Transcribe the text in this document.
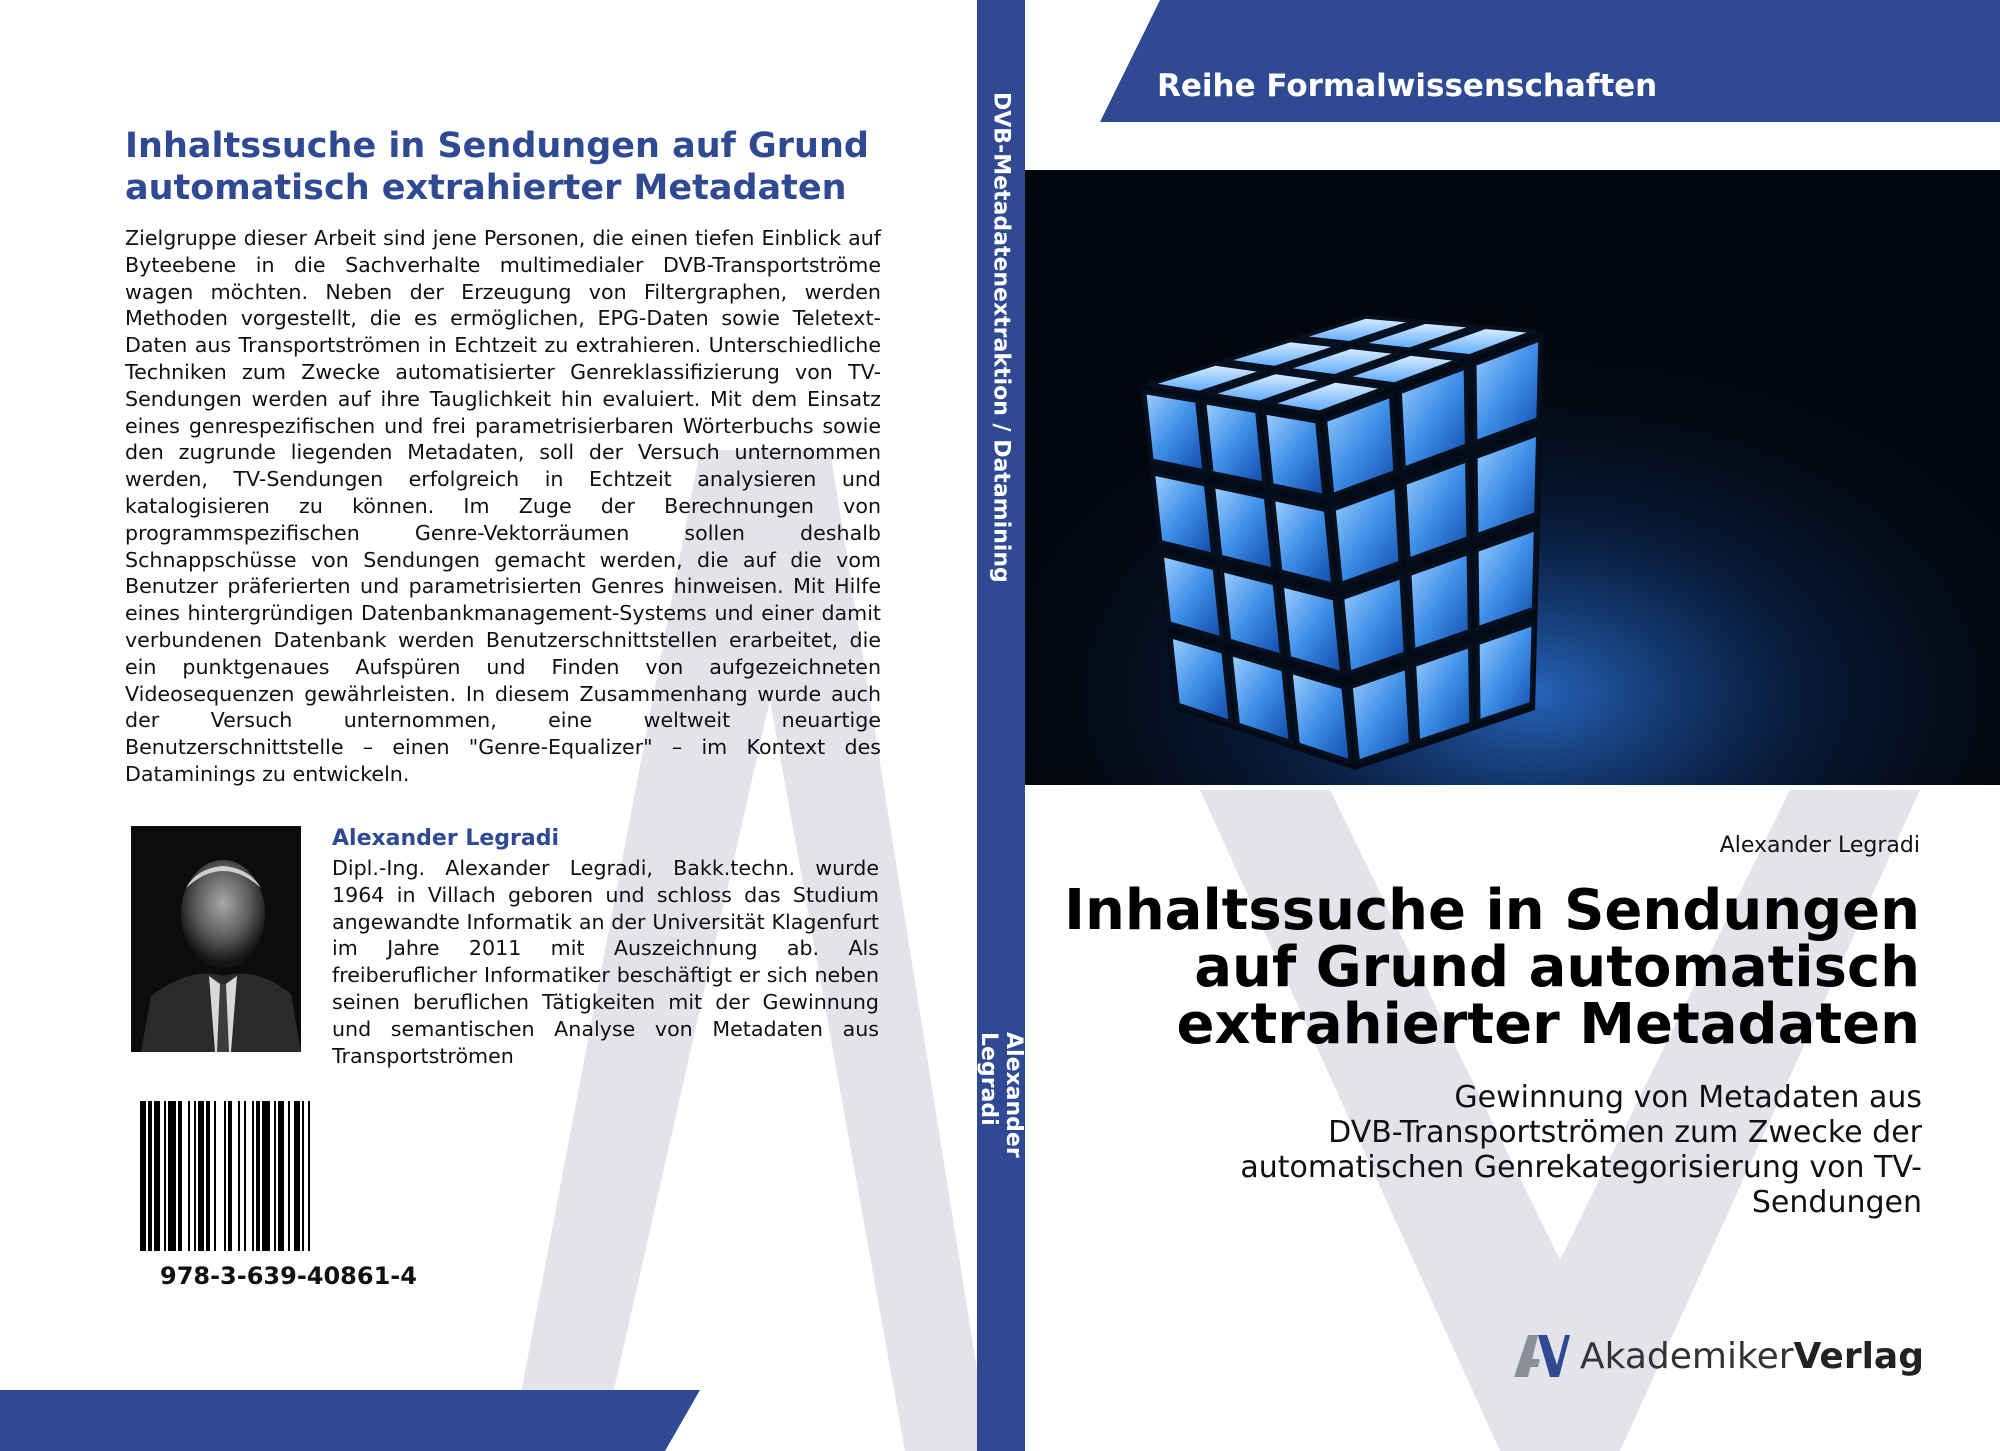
Inhaltssuche in Sendungen auf Grund automatisch extrahierter Metadaten

Zielgruppe dieser Arbeit sind jene Personen, die einen tiefen Einblick auf Byteebene in die Sachverhalte multimedialer DVB-Transportströme wagen möchten. Neben der Erzeugung von Filtergraphen, werden Methoden vorgestellt, die es ermöglichen, EPG-Daten sowie Teletext-Daten aus Transportströmen in Echtzeit zu extrahieren. Unterschiedliche Techniken zum Zwecke automatisierter Genreklassifizierung von TV-Sendungen werden auf ihre Tauglichkeit hin evaluiert. Mit dem Einsatz eines genrespezifischen und frei parametrisierbaren Wörterbuchs sowie den zugrunde liegenden Metadaten, soll der Versuch unternommen werden, TV-Sendungen erfolgreich in Echtzeit analysieren und katalogisieren zu können. Im Zuge der Berechnungen von programmspezifischen Genre-Vektorräumen sollen deshalb Schnappschüsse von Sendungen gemacht werden, die auf die vom Benutzer präferierten und parametrisierten Genres hinweisen. Mit Hilfe eines hintergründigen Datenbankmanagement-Systems und einer damit verbundenen Datenbank werden Benutzerschnittstellen erarbeitet, die ein punktgenaues Aufspüren und Finden von aufgezeichneten Videosequenzen gewährleisten. In diesem Zusammenhang wurde auch der Versuch unternommen, eine weltweit neuartige Benutzerschnittstelle – einen "Genre-Equalizer" – im Kontext des Dataminings zu entwickeln.

Alexander Legradi

Dipl.-Ing. Alexander Legradi, Bakk.techn. wurde 1964 in Villach geboren und schloss das Studium angewandte Informatik an der Universität Klagenfurt im Jahre 2011 mit Auszeichnung ab. Als freiberuflicher Informatiker beschäftigt er sich neben seinen beruflichen Tätigkeiten mit der Gewinnung und semantischen Analyse von Metadaten aus Transportströmen

978-3-639-40861-4
DVB-Metadatenextraktion / Datamining
Alexander Legradi
Reihe Formalwissenschaften

Alexander Legradi

Inhaltssuche in Sendungen
auf Grund automatisch
extrahierter Metadaten

Gewinnung von Metadaten aus
DVB-Transportströmen zum Zwecke der
automatischen Genrekategorisierung von TV-
Sendungen

AkademikerVerlag
